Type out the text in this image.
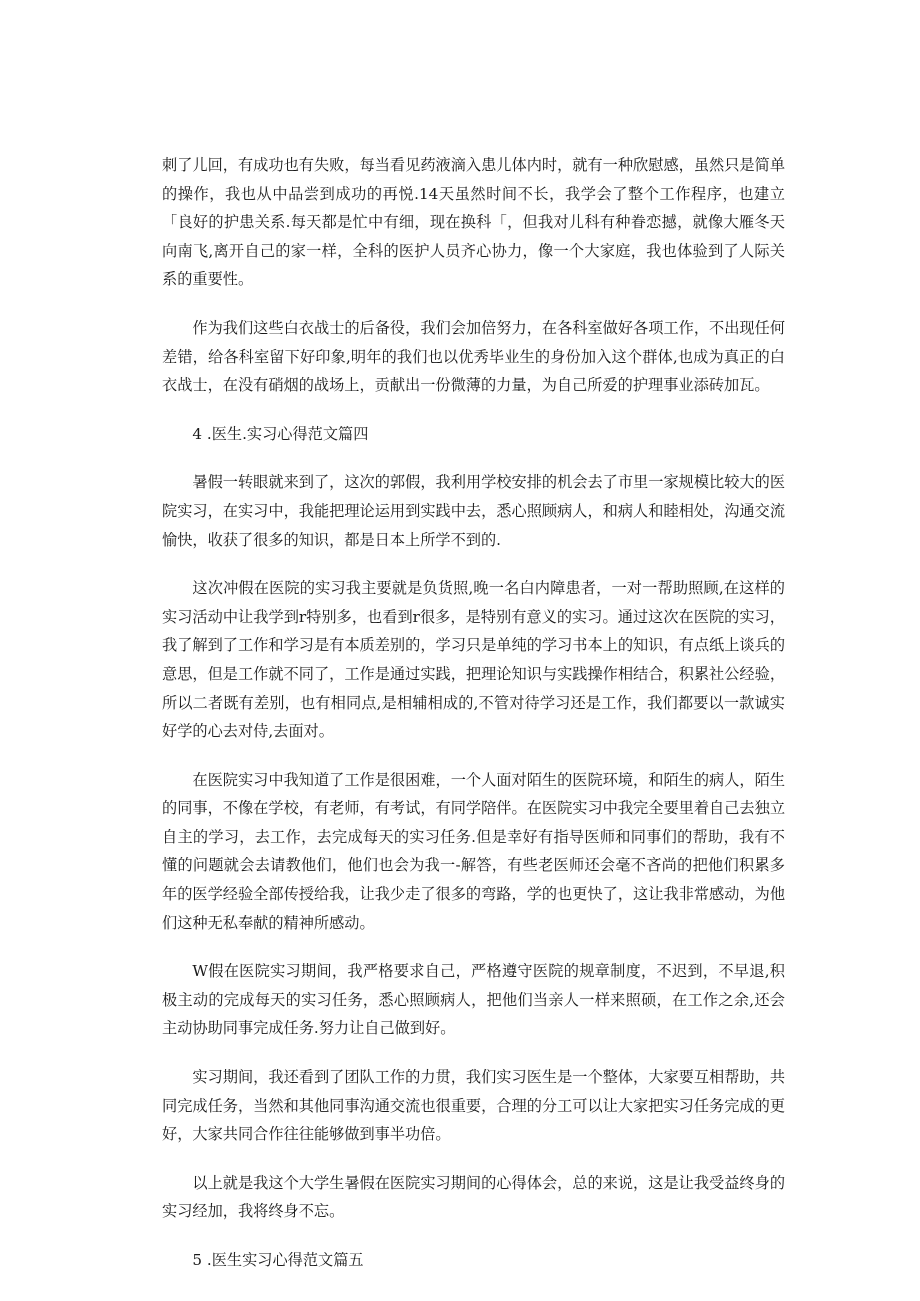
刺了儿回，有成功也有失败，每当看见药液滴入患儿体内时，就有一种欣慰感，虽然只是简单的操作，我也从中品尝到成功的再悦.14天虽然时间不长，我学会了整个工作程序，也建立「良好的护患关系.每天都是忙中有细，现在换科「，但我对儿科有种眷恋撼，就像大雁冬天向南飞,离开自己的家一样，全科的医护人员齐心协力，像一个大家庭，我也体验到了人际关系的重要性。

作为我们这些白衣战士的后备役，我们会加倍努力，在各科室做好各项工作，不出现任何差错，给各科室留下好印象,明年的我们也以优秀毕业生的身份加入这个群体,也成为真正的白衣战士，在没有硝烟的战场上，贡献出一份微薄的力量，为自己所爱的护理事业添砖加瓦。

4 .医生.实习心得范文篇四

暑假一转眼就来到了，这次的郭假，我利用学校安排的机会去了市里一家规模比较大的医院实习，在实习中，我能把理论运用到实践中去，悉心照顾病人，和病人和睦相处，沟通交流愉快，收获了很多的知识，都是日本上所学不到的.

这次冲假在医院的实习我主要就是负货照,晚一名白内障患者，一对一帮助照顾,在这样的实习活动中让我学到r特别多，也看到r很多，是特别有意义的实习。通过这次在医院的实习，我了解到了工作和学习是有本质差别的，学习只是单纯的学习书本上的知识，有点纸上谈兵的意思，但是工作就不同了，工作是通过实践，把理论知识与实践操作相结合，积累社公经验，所以二者既有差别，也有相同点,是相辅相成的,不管对待学习还是工作，我们都要以一款诚实好学的心去对侍,去面对。

在医院实习中我知道了工作是很困难，一个人面对陌生的医院环境，和陌生的病人，陌生的同事，不像在学校，有老师，有考试，有同学陪伴。在医院实习中我完全要里着自己去独立自主的学习，去工作，去完成每天的实习任务.但是幸好有指导医师和同事们的帮助，我有不懂的问题就会去请教他们，他们也会为我一-解答，有些老医师还会毫不吝尚的把他们积累多年的医学经验全部传授给我，让我少走了很多的弯路，学的也更快了，这让我非常感动，为他们这种无私奉献的精神所感动。

W假在医院实习期间，我严格要求自己，严格遵守医院的规章制度，不迟到，不早退,积极主动的完成每天的实习任务，悉心照顾病人，把他们当亲人一样来照硕，在工作之余,还会主动协助同事完成任务.努力让自己做到好。

实习期间，我还看到了团队工作的力贯，我们实习医生是一个整体，大家要互相帮助，共同完成任务，当然和其他同事沟通交流也很重要，合理的分工可以让大家把实习任务完成的更好，大家共同合作往往能够做到事半功倍。

以上就是我这个大学生暑假在医院实习期间的心得体会，总的来说，这是让我受益终身的实习经加，我将终身不忘。

5 .医生实习心得范文篇五
